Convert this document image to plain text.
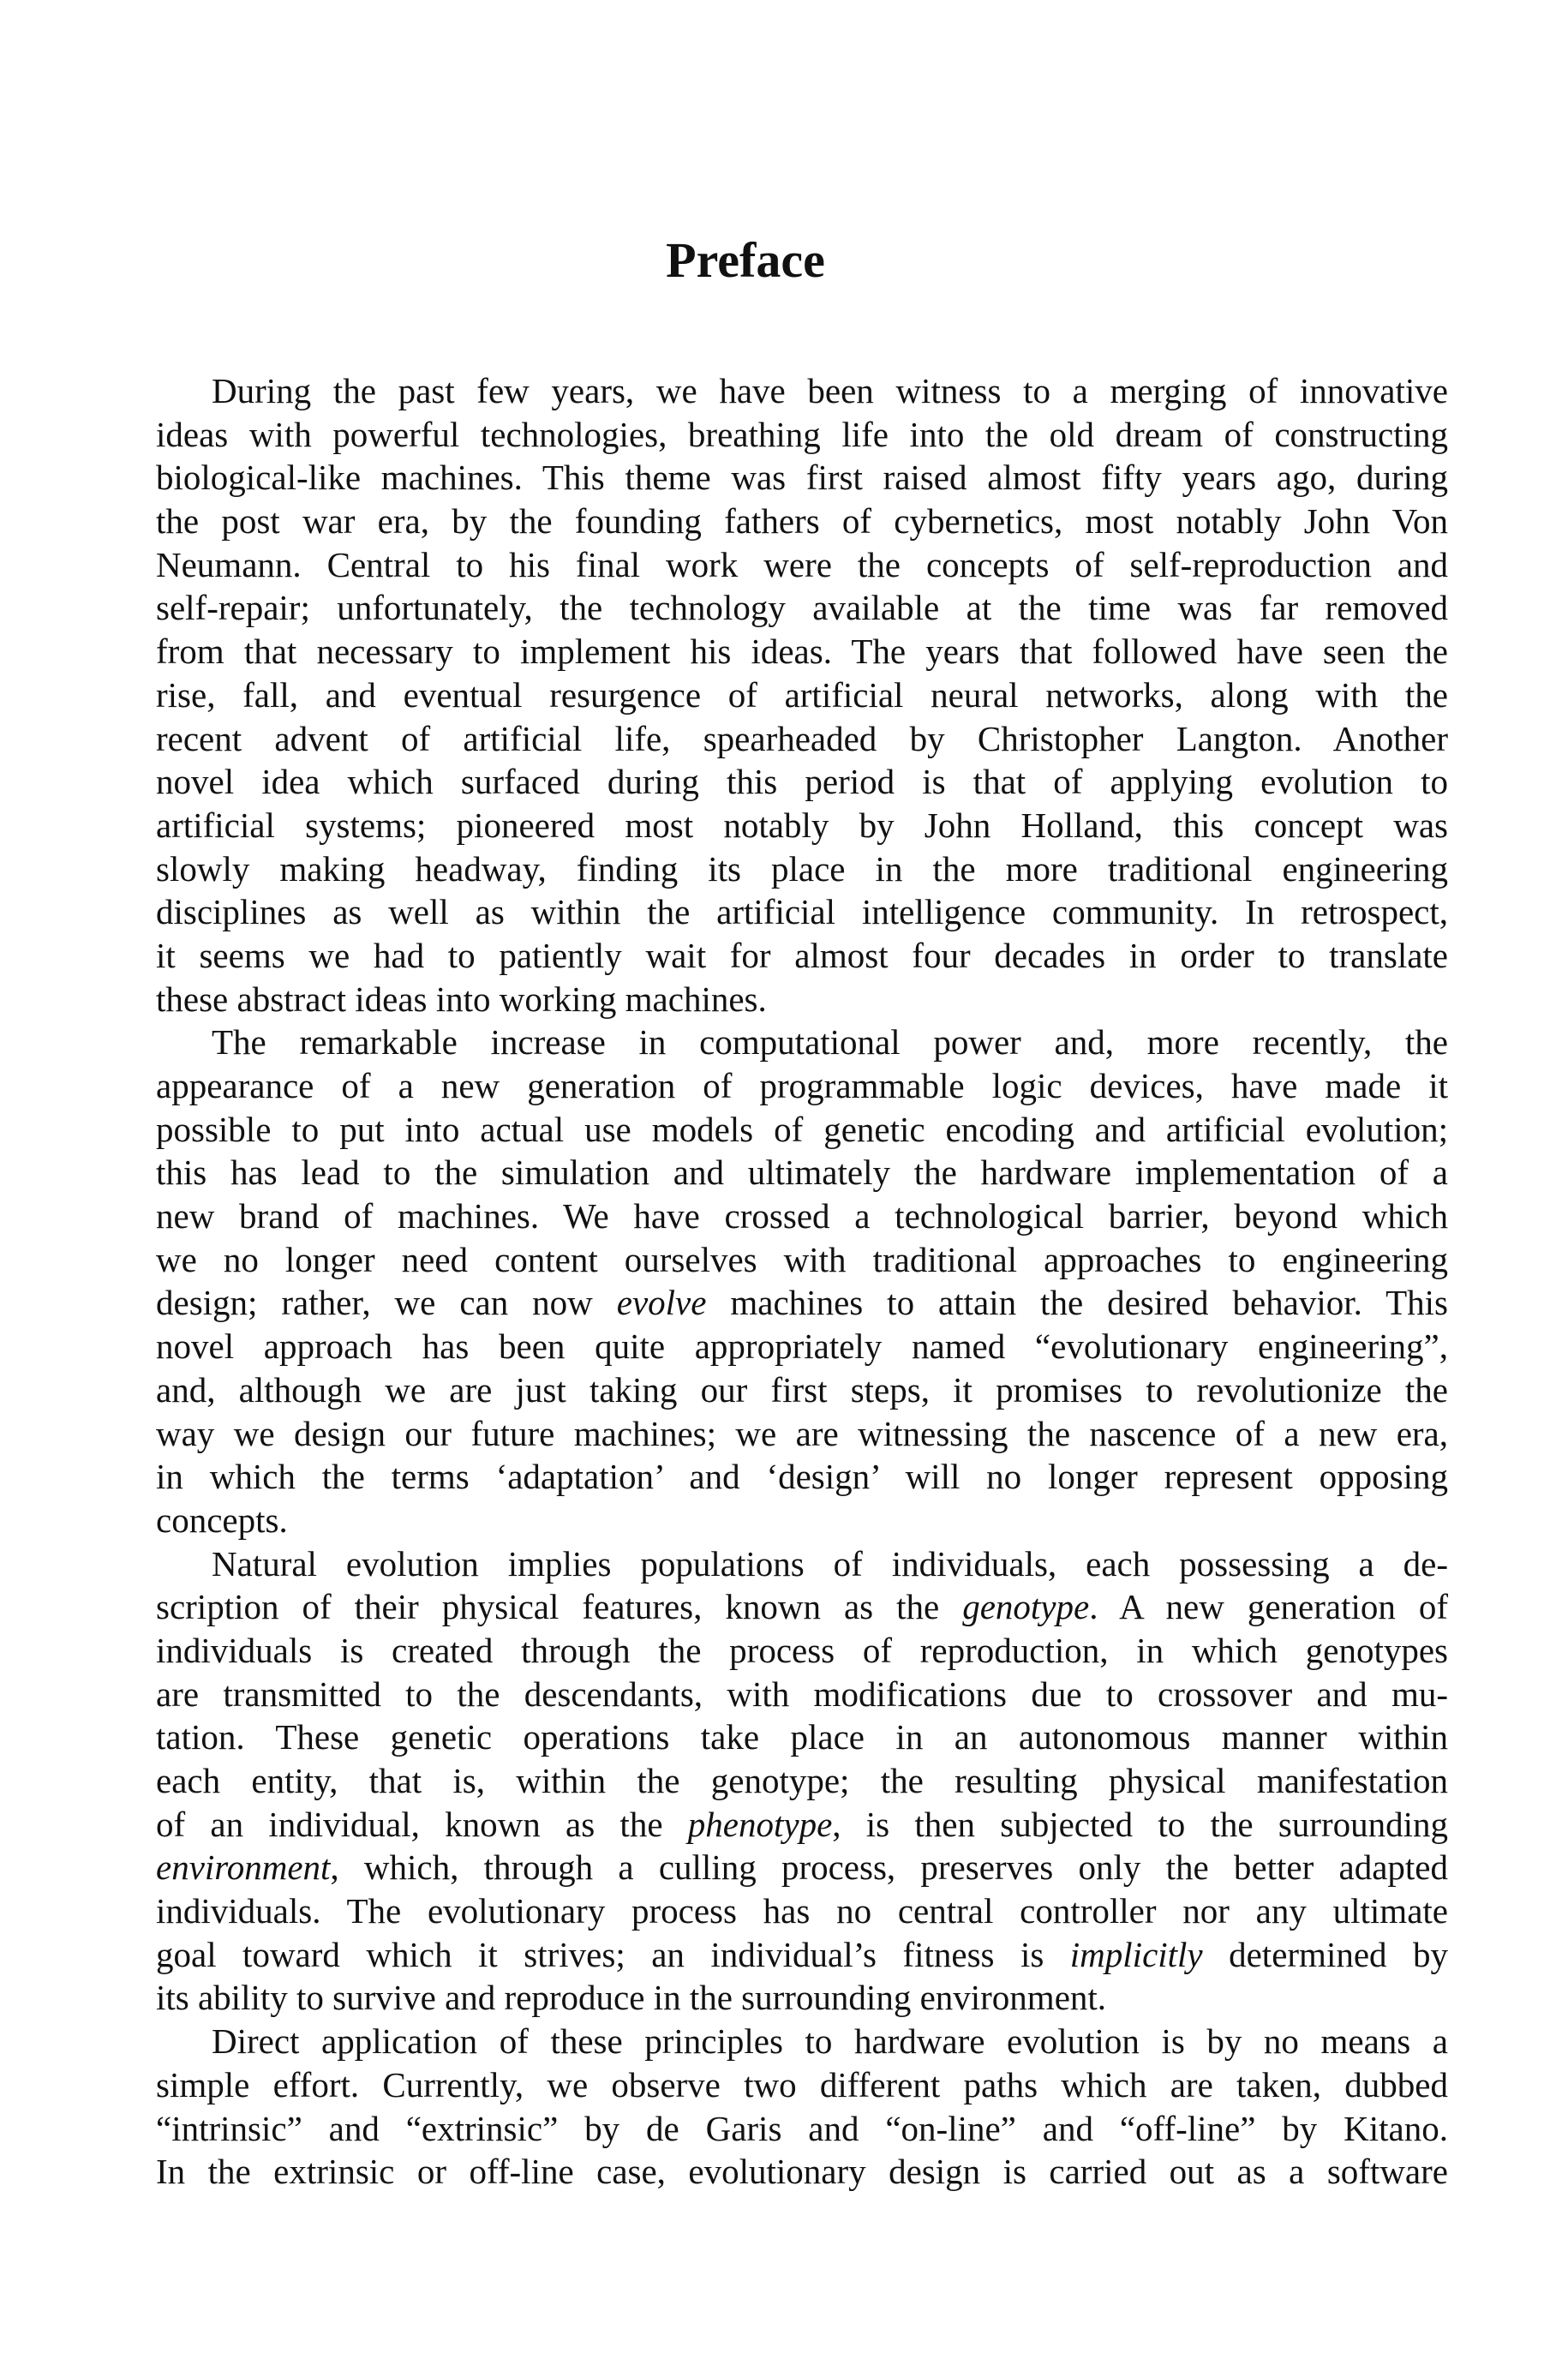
Preface
During the past few years, we have been witness to a merging of innovative
ideas with powerful technologies, breathing life into the old dream of constructing
biological-like machines. This theme was first raised almost fifty years ago, during
the post war era, by the founding fathers of cybernetics, most notably John Von
Neumann. Central to his final work were the concepts of self-reproduction and
self-repair; unfortunately, the technology available at the time was far removed
from that necessary to implement his ideas. The years that followed have seen the
rise, fall, and eventual resurgence of artificial neural networks, along with the
recent advent of artificial life, spearheaded by Christopher Langton. Another
novel idea which surfaced during this period is that of applying evolution to
artificial systems; pioneered most notably by John Holland, this concept was
slowly making headway, finding its place in the more traditional engineering
disciplines as well as within the artificial intelligence community. In retrospect,
it seems we had to patiently wait for almost four decades in order to translate
these abstract ideas into working machines.
The remarkable increase in computational power and, more recently, the
appearance of a new generation of programmable logic devices, have made it
possible to put into actual use models of genetic encoding and artificial evolution;
this has lead to the simulation and ultimately the hardware implementation of a
new brand of machines. We have crossed a technological barrier, beyond which
we no longer need content ourselves with traditional approaches to engineering
design; rather, we can now evolve machines to attain the desired behavior. This
novel approach has been quite appropriately named “evolutionary engineering”,
and, although we are just taking our first steps, it promises to revolutionize the
way we design our future machines; we are witnessing the nascence of a new era,
in which the terms ‘adaptation’ and ‘design’ will no longer represent opposing
concepts.
Natural evolution implies populations of individuals, each possessing a de-
scription of their physical features, known as the genotype. A new generation of
individuals is created through the process of reproduction, in which genotypes
are transmitted to the descendants, with modifications due to crossover and mu-
tation. These genetic operations take place in an autonomous manner within
each entity, that is, within the genotype; the resulting physical manifestation
of an individual, known as the phenotype, is then subjected to the surrounding
environment, which, through a culling process, preserves only the better adapted
individuals. The evolutionary process has no central controller nor any ultimate
goal toward which it strives; an individual’s fitness is implicitly determined by
its ability to survive and reproduce in the surrounding environment.
Direct application of these principles to hardware evolution is by no means a
simple effort. Currently, we observe two different paths which are taken, dubbed
“intrinsic” and “extrinsic” by de Garis and “on-line” and “off-line” by Kitano.
In the extrinsic or off-line case, evolutionary design is carried out as a software
